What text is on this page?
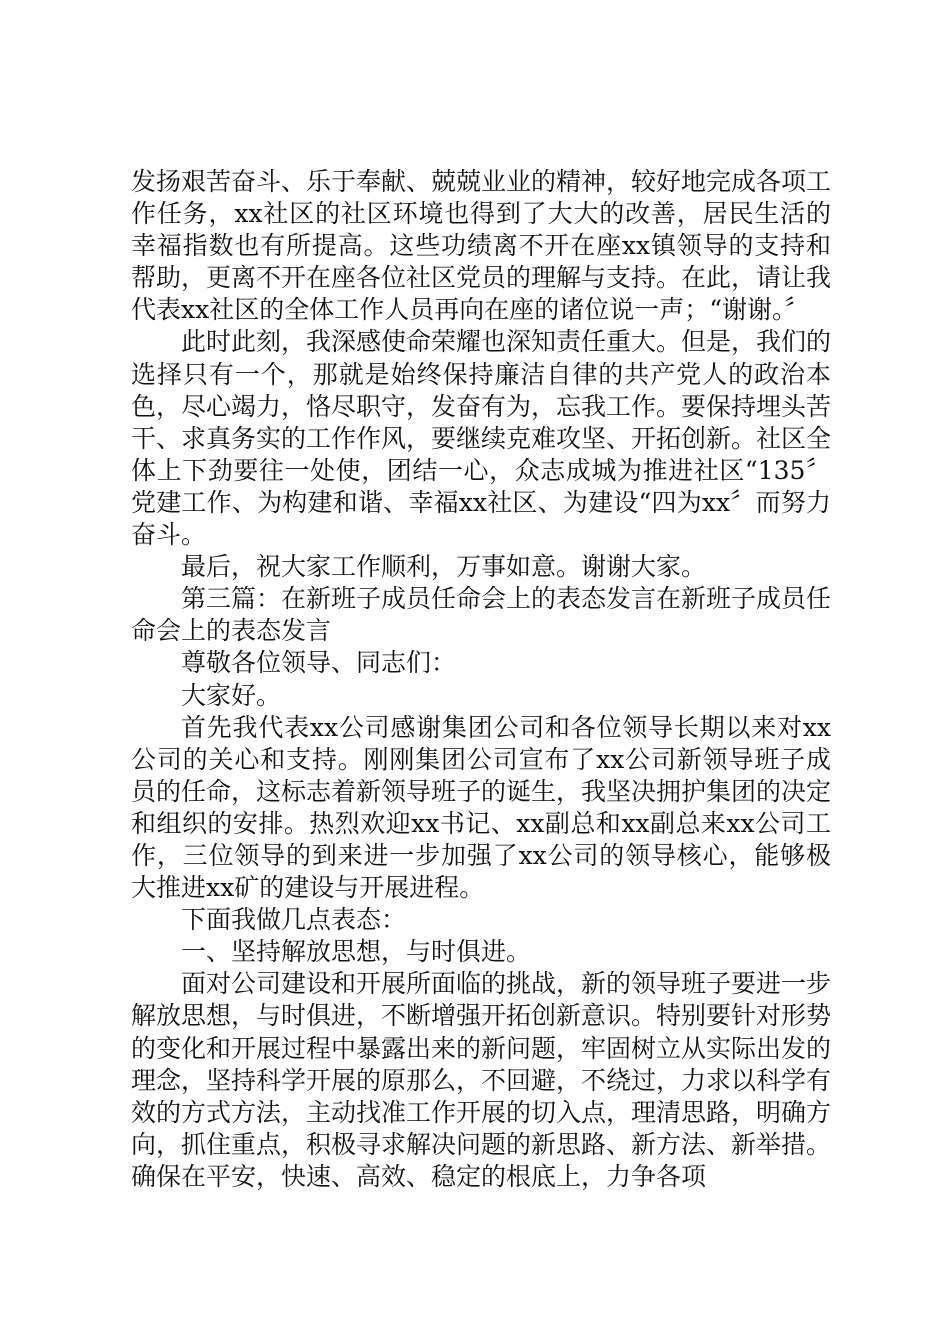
发扬艰苦奋斗、乐于奉献、兢兢业业的精神，较好地完成各项工作任务，xx社区的社区环境也得到了大大的改善，居民生活的幸福指数也有所提高。这些功绩离不开在座xx镇领导的支持和帮助，更离不开在座各位社区党员的理解与支持。在此，请让我代表xx社区的全体工作人员再向在座的诸位说一声；“谢谢。〞

此时此刻，我深感使命荣耀也深知责任重大。但是，我们的选择只有一个，那就是始终保持廉洁自律的共产党人的政治本色，尽心竭力，恪尽职守，发奋有为，忘我工作。要保持埋头苦干、求真务实的工作作风，要继续克难攻坚、开拓创新。社区全体上下劲要往一处使，团结一心，众志成城为推进社区“135〞党建工作、为构建和谐、幸福xx社区、为建设“四为xx〞而努力奋斗。

最后，祝大家工作顺利，万事如意。谢谢大家。

第三篇：在新班子成员任命会上的表态发言在新班子成员任命会上的表态发言

尊敬各位领导、同志们：

大家好。

首先我代表xx公司感谢集团公司和各位领导长期以来对xx公司的关心和支持。刚刚集团公司宣布了xx公司新领导班子成员的任命，这标志着新领导班子的诞生，我坚决拥护集团的决定和组织的安排。热烈欢迎xx书记、xx副总和xx副总来xx公司工作，三位领导的到来进一步加强了xx公司的领导核心，能够极大推进xx矿的建设与开展进程。

下面我做几点表态：

一、坚持解放思想，与时俱进。

面对公司建设和开展所面临的挑战，新的领导班子要进一步解放思想，与时俱进，不断增强开拓创新意识。特别要针对形势的变化和开展过程中暴露出来的新问题，牢固树立从实际出发的理念，坚持科学开展的原那么，不回避，不绕过，力求以科学有效的方式方法，主动找准工作开展的切入点，理清思路，明确方向，抓住重点，积极寻求解决问题的新思路、新方法、新举措。确保在平安，快速、高效、稳定的根底上，力争各项
